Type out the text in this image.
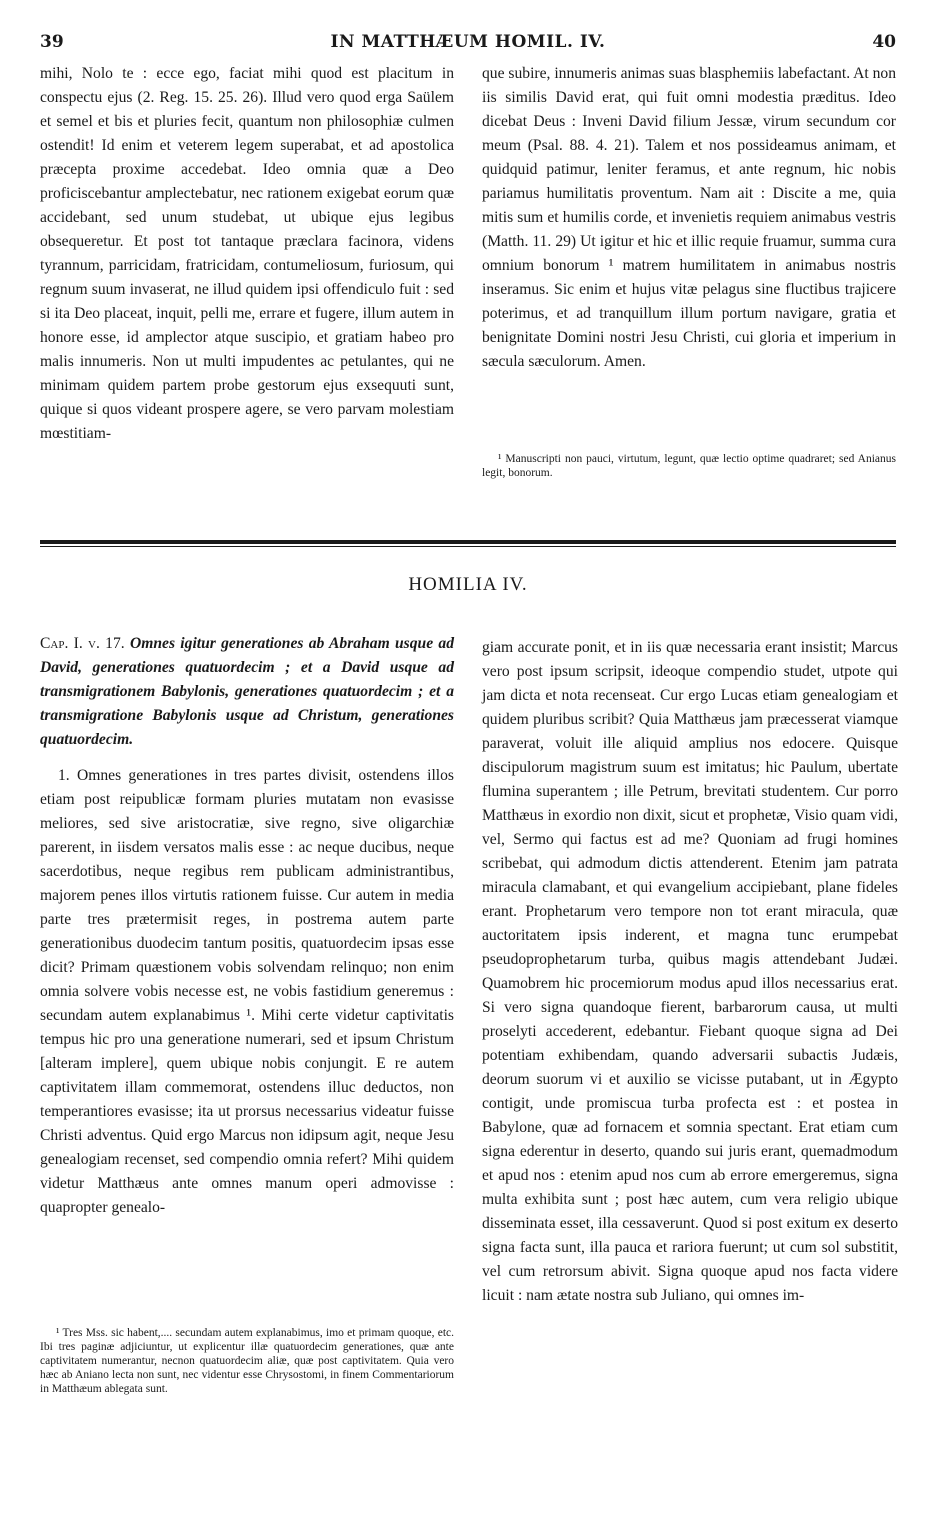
39	IN MATTHÆUM HOMIL. IV.	40

mihi, Nolo te : ecce ego, faciat mihi quod est placitum in conspectu ejus (2. Reg. 15. 25. 26). Illud vero quod erga Saülem et semel et bis et pluries fecit, quantum non philosophiæ culmen ostendit! Id enim et veterem legem superabat, et ad apostolica præcepta proxime accedebat. Ideo omnia quæ a Deo proficiscebantur amplectebatur, nec rationem exigebat eorum quæ accidebant, sed unum studebat, ut ubique ejus legibus obsequeretur. Et post tot tantaque præclara facinora, videns tyrannum, parricidam, fratricidam, contumeliosum, furiosum, qui regnum suum invaserat, ne illud quidem ipsi offendiculo fuit : sed si ita Deo placeat, inquit, pelli me, errare et fugere, illum autem in honore esse, id amplector atque suscipio, et gratiam habeo pro malis innumeris. Non ut multi impudentes ac petulantes, qui ne minimam quidem partem probe gestorum ejus exsequuti sunt, quique si quos videant prospere agere, se vero parvam molestiam mœstitiam-

que subire, innumeris animas suas blasphemiis labefactant. At non iis similis David erat, qui fuit omni modestia præditus. Ideo dicebat Deus : Inveni David filium Jessæ, virum secundum cor meum (Psal. 88. 4. 21). Talem et nos possideamus animam, et quidquid patimur, leniter feramus, et ante regnum, hic nobis pariamus humilitatis proventum. Nam ait : Discite a me, quia mitis sum et humilis corde, et invenietis requiem animabus vestris (Matth. 11. 29) Ut igitur et hic et illic requie fruamur, summa cura omnium bonorum ¹ matrem humilitatem in animabus nostris inseramus. Sic enim et hujus vitæ pelagus sine fluctibus trajicere poterimus, et ad tranquillum illum portum navigare, gratia et benignitate Domini nostri Jesu Christi, cui gloria et imperium in sæcula sæculorum. Amen.

¹ Manuscripti non pauci, virtutum, legunt, quæ lectio optime quadraret; sed Anianus legit, bonorum.

HOMILIA IV.

Cap. I. v. 17. Omnes igitur generationes ab Abraham usque ad David, generationes quatuordecim ; et a David usque ad transmigrationem Babylonis, generationes quatuordecim ; et a transmigratione Babylonis usque ad Christum, generationes quatuordecim.

1. Omnes generationes in tres partes divisit, ostendens illos etiam post reipublicæ formam pluries mutatam non evasisse meliores, sed sive aristocratiæ, sive regno, sive oligarchiæ parerent, in iisdem versatos malis esse : ac neque ducibus, neque sacerdotibus, neque regibus rem publicam administrantibus, majorem penes illos virtutis rationem fuisse. Cur autem in media parte tres prætermisit reges, in postrema autem parte generationibus duodecim tantum positis, quatuordecim ipsas esse dicit? Primam quæstionem vobis solvendam relinquo; non enim omnia solvere vobis necesse est, ne vobis fastidium generemus : secundam autem explanabimus ¹. Mihi certe videtur captivitatis tempus hic pro una generatione numerari, sed et ipsum Christum [alteram implere], quem ubique nobis conjungit. E re autem captivitatem illam commemorat, ostendens illuc deductos, non temperantiores evasisse; ita ut prorsus necessarius videatur fuisse Christi adventus. Quid ergo Marcus non idipsum agit, neque Jesu genealogiam recenset, sed compendio omnia refert? Mihi quidem videtur Matthæus ante omnes manum operi admovisse : quapropter genealo-

¹ Tres Mss. sic habent,.... secundam autem explanabimus, imo et primam quoque, etc. Ibi tres paginæ adjiciuntur, ut explicentur illæ quatuordecim generationes, quæ ante captivitatem numerantur, necnon quatuordecim aliæ, quæ post captivitatem. Quia vero hæc ab Aniano lecta non sunt, nec videntur esse Chrysostomi, in finem Commentariorum in Matthæum ablegata sunt.

giam accurate ponit, et in iis quæ necessaria erant insistit; Marcus vero post ipsum scripsit, ideoque compendio studet, utpote qui jam dicta et nota recenseat. Cur ergo Lucas etiam genealogiam et quidem pluribus scribit? Quia Matthæus jam præcesserat viamque paraverat, voluit ille aliquid amplius nos edocere. Quisque discipulorum magistrum suum est imitatus; hic Paulum, ubertate flumina superantem ; ille Petrum, brevitati studentem. Cur porro Matthæus in exordio non dixit, sicut et prophetæ, Visio quam vidi, vel, Sermo qui factus est ad me? Quoniam ad frugi homines scribebat, qui admodum dictis attenderent. Etenim jam patrata miracula clamabant, et qui evangelium accipiebant, plane fideles erant. Prophetarum vero tempore non tot erant miracula, quæ auctoritatem ipsis inderent, et magna tunc erumpebat pseudoprophetarum turba, quibus magis attendebant Judæi. Quamobrem hic procemiorum modus apud illos necessarius erat. Si vero signa quandoque fierent, barbarorum causa, ut multi proselyti accederent, edebantur. Fiebant quoque signa ad Dei potentiam exhibendam, quando adversarii subactis Judæis, deorum suorum vi et auxilio se vicisse putabant, ut in Ægypto contigit, unde promiscua turba profecta est : et postea in Babylone, quæ ad fornacem et somnia spectant. Erat etiam cum signa ederentur in deserto, quando sui juris erant, quemadmodum et apud nos : etenim apud nos cum ab errore emergeremus, signa multa exhibita sunt ; post hæc autem, cum vera religio ubique disseminata esset, illa cessaverunt. Quod si post exitum ex deserto signa facta sunt, illa pauca et rariora fuerunt; ut cum sol substitit, vel cum retrorsum abivit. Signa quoque apud nos facta videre licuit : nam ætate nostra sub Juliano, qui omnes im-
